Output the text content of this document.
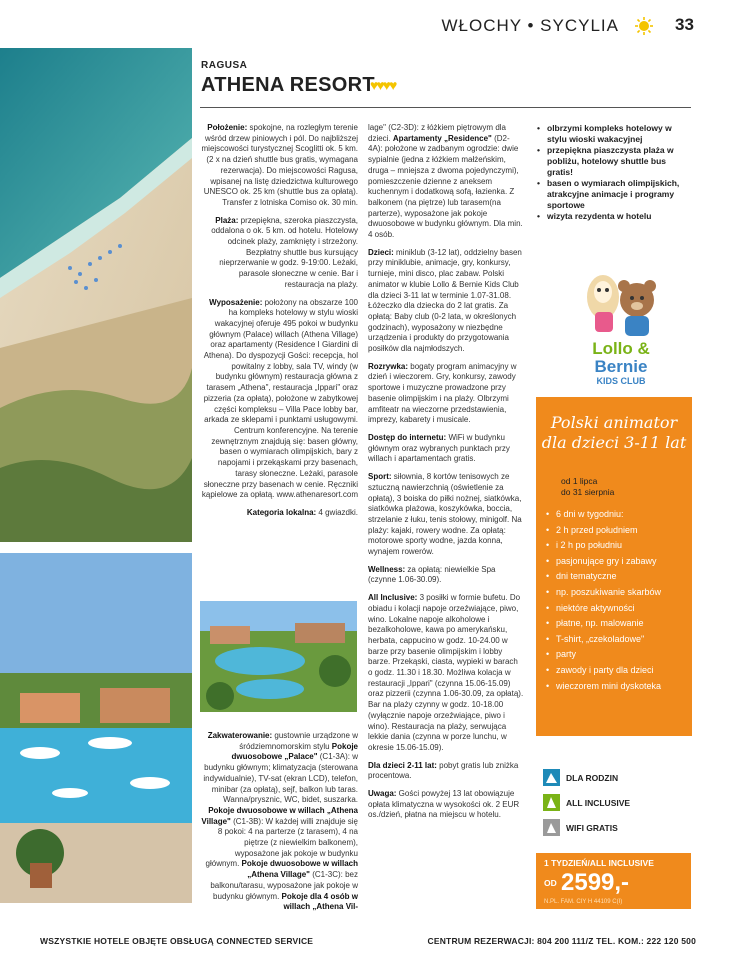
WŁOCHY • SYCYLIA	33
RAGUSA
ATHENA RESORT
♥♥♥♥

Położenie: spokojne, na rozległym terenie wśród drzew piniowych i pól. Do najbliższej miejscowości turystycznej Scoglitti ok. 5 km. (2 x na dzień shuttle bus gratis, wymagana rezerwacja). Do miejscowości Ragusa, wpisanej na listę dziedzictwa kulturowego UNESCO ok. 25 km (shuttle bus za opłatą). Transfer z lotniska Comiso ok. 30 min.

Plaża: przepiękna, szeroka piaszczysta, oddalona o ok. 5 km. od hotelu. Hotelowy odcinek plaży, zamknięty i strzeżony. Bezpłatny shuttle bus kursujący nieprzerwanie w godz. 9-19:00. Leżaki, parasole słoneczne w cenie. Bar i restauracja na plaży.

Wyposażenie: położony na obszarze 100 ha kompleks hotelowy w stylu wioski wakacyjnej oferuje 495 pokoi w budynku głównym (Palace) willach (Athena Village) oraz apartamenty (Residence I Giardini di Athena). Do dyspozycji Gości: recepcja, hol powitalny z lobby, sala TV, windy (w budynku głównym) restauracja główna z tarasem „Athena", restauracja „Ippari" oraz pizzeria (za opłatą), położone w zabytkowej części kompleksu – Villa Pace lobby bar, arkada ze sklepami i punktami usługowymi. Centrum konferencyjne. Na terenie zewnętrznym znajdują się: basen główny, basen o wymiarach olimpijskich, bary z napojami i przekąskami przy basenach, tarasy słoneczne. Leżaki, parasole słoneczne przy basenach w cenie. Ręczniki kąpielowe za opłatą. www.athenaresort.com

Kategoria lokalna: 4 gwiazdki.

Zakwaterowanie: gustownie urządzone w śródziemnomorskim stylu Pokoje dwuosobowe „Palace" (C1-3A): w budynku głównym; klimatyzacja (sterowana indywidualnie), TV-sat (ekran LCD), telefon, minibar (za opłatą), sejf, balkon lub taras. Wanna/prysznic, WC, bidet, suszarka. Pokoje dwuosobowe w willach „Athena Village" (C1-3B): W każdej willi znajduje się 8 pokoi: 4 na parterze (z tarasem), 4 na piętrze (z niewielkim balkonem), wyposażone jak pokoje w budynku głównym. Pokoje dwuosobowe w willach „Athena Village" (C1-3C): bez balkonu/tarasu, wyposażone jak pokoje w budynku głównym. Pokoje dla 4 osób w willach „Athena Vil-

lage" (C2-3D): z łóżkiem piętrowym dla dzieci. Apartamenty „Residence" (D2-4A): położone w zadbanym ogrodzie: dwie sypialnie (jedna z łóżkiem małżeńskim, druga – mniejsza z dwoma pojedynczymi), pomieszczenie dzienne z aneksem kuchennym i dodatkową sofą, łazienka. Z balkonem (na piętrze) lub tarasem(na parterze), wyposażone jak pokoje dwuosobowe w budynku głównym. Dla min. 4 osób.

Dzieci: miniklub (3-12 lat), oddzielny basen przy miniklubie, animacje, gry, konkursy, turnieje, mini disco, plac zabaw. Polski animator w klubie Lollo & Bernie Kids Club dla dzieci 3-11 lat w terminie 1.07-31.08. Łóżeczko dla dziecka do 2 lat gratis. Za opłatą: Baby club (0-2 lata, w określonych godzinach), wyposażony w niezbędne urządzenia i produkty do przygotowania posiłków dla najmłodszych.

Rozrywka: bogaty program animacyjny w dzień i wieczorem. Gry, konkursy, zawody sportowe i muzyczne prowadzone przy basenie olimpijskim i na plaży. Olbrzymi amfiteatr na wieczorne przedstawienia, imprezy, kabarety i musicale.

Dostęp do internetu: WiFi w budynku głównym oraz wybranych punktach przy willach i apartamentach gratis.

Sport: siłownia, 8 kortów tenisowych ze sztuczną nawierzchnią (oświetlenie za opłatą), 3 boiska do piłki nożnej, siatkówka, siatkówka plażowa, koszykówka, boccia, strzelanie z łuku, tenis stołowy, minigolf. Na plaży: kajaki, rowery wodne. Za opłatą: motorowe sporty wodne, jazda konna, wynajem rowerów.

Wellness: za opłatą: niewielkie Spa (czynne 1.06-30.09).

All Inclusive: 3 posiłki w formie bufetu. Do obiadu i kolacji napoje orzeźwiające, piwo, wino. Lokalne napoje alkoholowe i bezalkoholowe, kawa po amerykańsku, herbata, cappucino w godz. 10-24.00 w barze przy basenie olimpijskim i lobby barze. Przekąski, ciasta, wypieki w barach o godz. 11.30 i 18.30. Możliwa kolacja w restauracji „Ippari" (czynna 15.06-15.09) oraz pizzerii (czynna 1.06-30.09, za opłatą). Bar na plaży czynny w godz. 10-18.00 (wyłącznie napoje orzeźwiające, piwo i wino). Restauracja na plaży, serwująca lekkie dania (czynna w porze lunchu, w okresie 15.06-15.09).

Dla dzieci 2-11 lat: pobyt gratis lub zniżka procentowa.

Uwaga: Gości powyżej 13 lat obowiązuje opłata klimatyczna w wysokości ok. 2 EUR os./dzień, płatna na miejscu w hotelu.

• olbrzymi kompleks hotelowy w stylu wioski wakacyjnej
• przepiękna piaszczysta plaża w pobliżu, hotelowy shuttle bus gratis!
• basen o wymiarach olimpijskich, atrakcyjne animacje i programy sportowe
• wizyta rezydenta w hotelu
Lollo &
Bernie
KIDS CLUB
Polski animator
dla dzieci 3-11 lat
od 1 lipca
do 31 sierpnia
• 6 dni w tygodniu:
• 2 h przed południem
• i 2 h po południu
• pasjonujące gry i zabawy
• dni tematyczne
• np. poszukiwanie skarbów
• niektóre aktywności
• płatne, np. malowanie
• T-shirt, „czekoladowe"
• party
• zawody i party dla dzieci
• wieczorem mini dyskoteka
DLA RODZIN
ALL INCLUSIVE
WIFI GRATIS
1 TYDZIEŃ/ALL INCLUSIVE
OD 2599,-
N.PL. FAM. CIY H 44109 C(I)
WSZYSTKIE HOTELE OBJĘTE OBSŁUGĄ CONNECTED SERVICE	CENTRUM REZERWACJI: 804 200 111/Z TEL. KOM.: 222 120 500
